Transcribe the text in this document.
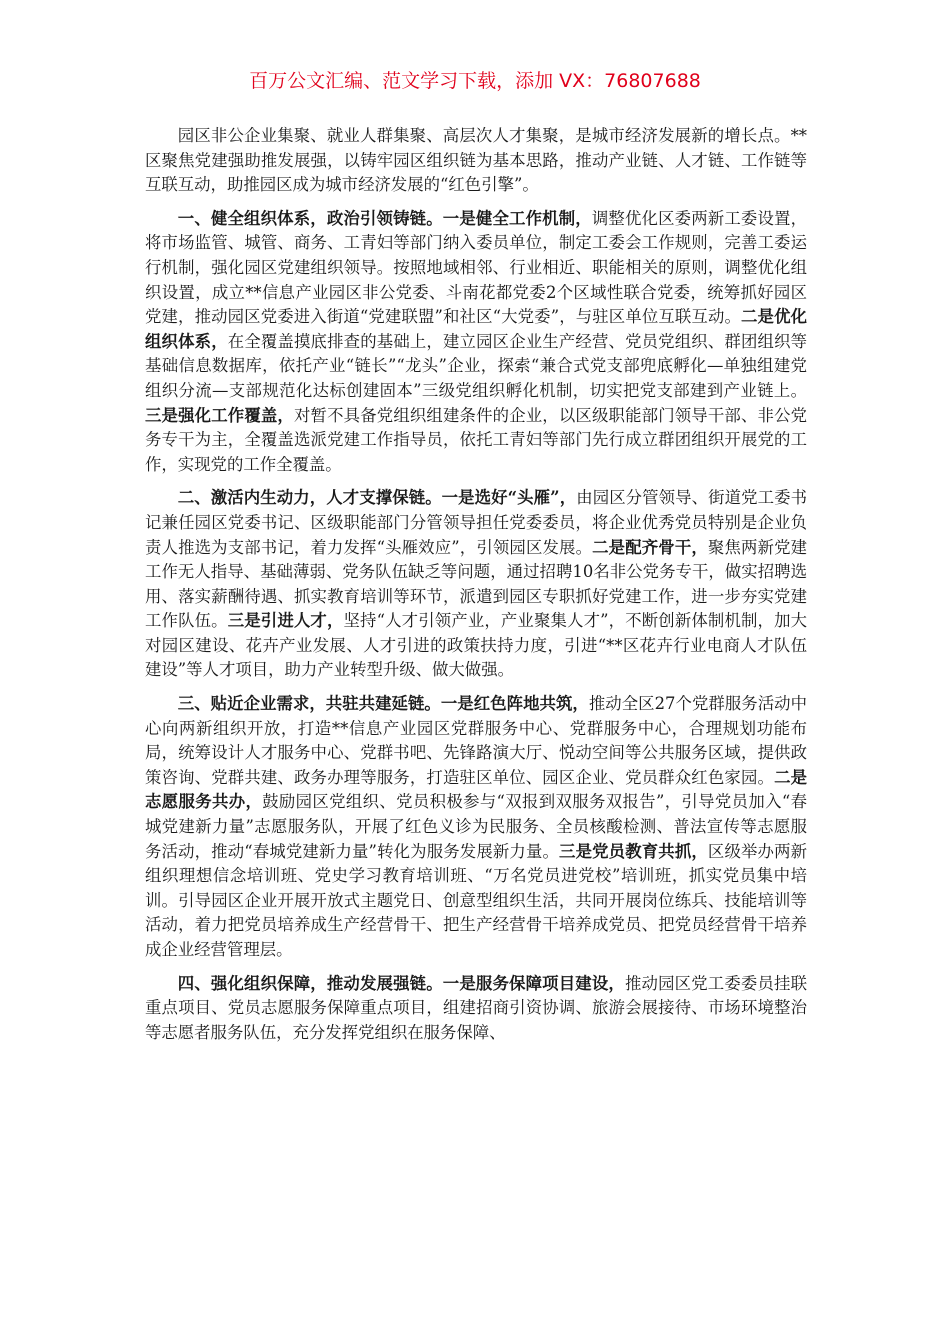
百万公文汇编、范文学习下载，添加 VX：76807688

园区非公企业集聚、就业人群集聚、高层次人才集聚，是城市经济发展新的增长点。**区聚焦党建强助推发展强，以铸牢园区组织链为基本思路，推动产业链、人才链、工作链等互联互动，助推园区成为城市经济发展的“红色引擎”。

一、健全组织体系，政治引领铸链。一是健全工作机制，调整优化区委两新工委设置，将市场监管、城管、商务、工青妇等部门纳入委员单位，制定工委会工作规则，完善工委运行机制，强化园区党建组织领导。按照地域相邻、行业相近、职能相关的原则，调整优化组织设置，成立**信息产业园区非公党委、斗南花都党委2个区域性联合党委，统筹抓好园区党建，推动园区党委进入街道“党建联盟”和社区“大党委”，与驻区单位互联互动。二是优化组织体系，在全覆盖摸底排查的基础上，建立园区企业生产经营、党员党组织、群团组织等基础信息数据库，依托产业“链长”“龙头”企业，探索“兼合式党支部兜底孵化—单独组建党组织分流—支部规范化达标创建固本”三级党组织孵化机制，切实把党支部建到产业链上。三是强化工作覆盖，对暂不具备党组织组建条件的企业，以区级职能部门领导干部、非公党务专干为主，全覆盖选派党建工作指导员，依托工青妇等部门先行成立群团组织开展党的工作，实现党的工作全覆盖。

二、激活内生动力，人才支撑保链。一是选好“头雁”，由园区分管领导、街道党工委书记兼任园区党委书记、区级职能部门分管领导担任党委委员，将企业优秀党员特别是企业负责人推选为支部书记，着力发挥“头雁效应”，引领园区发展。二是配齐骨干，聚焦两新党建工作无人指导、基础薄弱、党务队伍缺乏等问题，通过招聘10名非公党务专干，做实招聘选用、落实薪酬待遇、抓实教育培训等环节，派遣到园区专职抓好党建工作，进一步夯实党建工作队伍。三是引进人才，坚持“人才引领产业，产业聚集人才”，不断创新体制机制，加大对园区建设、花卉产业发展、人才引进的政策扶持力度，引进“**区花卉行业电商人才队伍建设”等人才项目，助力产业转型升级、做大做强。

三、贴近企业需求，共驻共建延链。一是红色阵地共筑，推动全区27个党群服务活动中心向两新组织开放，打造**信息产业园区党群服务中心、党群服务中心，合理规划功能布局，统筹设计人才服务中心、党群书吧、先锋路演大厅、悦动空间等公共服务区域，提供政策咨询、党群共建、政务办理等服务，打造驻区单位、园区企业、党员群众红色家园。二是志愿服务共办，鼓励园区党组织、党员积极参与“双报到双服务双报告”，引导党员加入“春城党建新力量”志愿服务队，开展了红色义诊为民服务、全员核酸检测、普法宣传等志愿服务活动，推动“春城党建新力量”转化为服务发展新力量。三是党员教育共抓，区级举办两新组织理想信念培训班、党史学习教育培训班、“万名党员进党校”培训班，抓实党员集中培训。引导园区企业开展开放式主题党日、创意型组织生活，共同开展岗位练兵、技能培训等活动，着力把党员培养成生产经营骨干、把生产经营骨干培养成党员、把党员经营骨干培养成企业经营管理层。

四、强化组织保障，推动发展强链。一是服务保障项目建设，推动园区党工委委员挂联重点项目、党员志愿服务保障重点项目，组建招商引资协调、旅游会展接待、市场环境整治等志愿者服务队伍，充分发挥党组织在服务保障、
